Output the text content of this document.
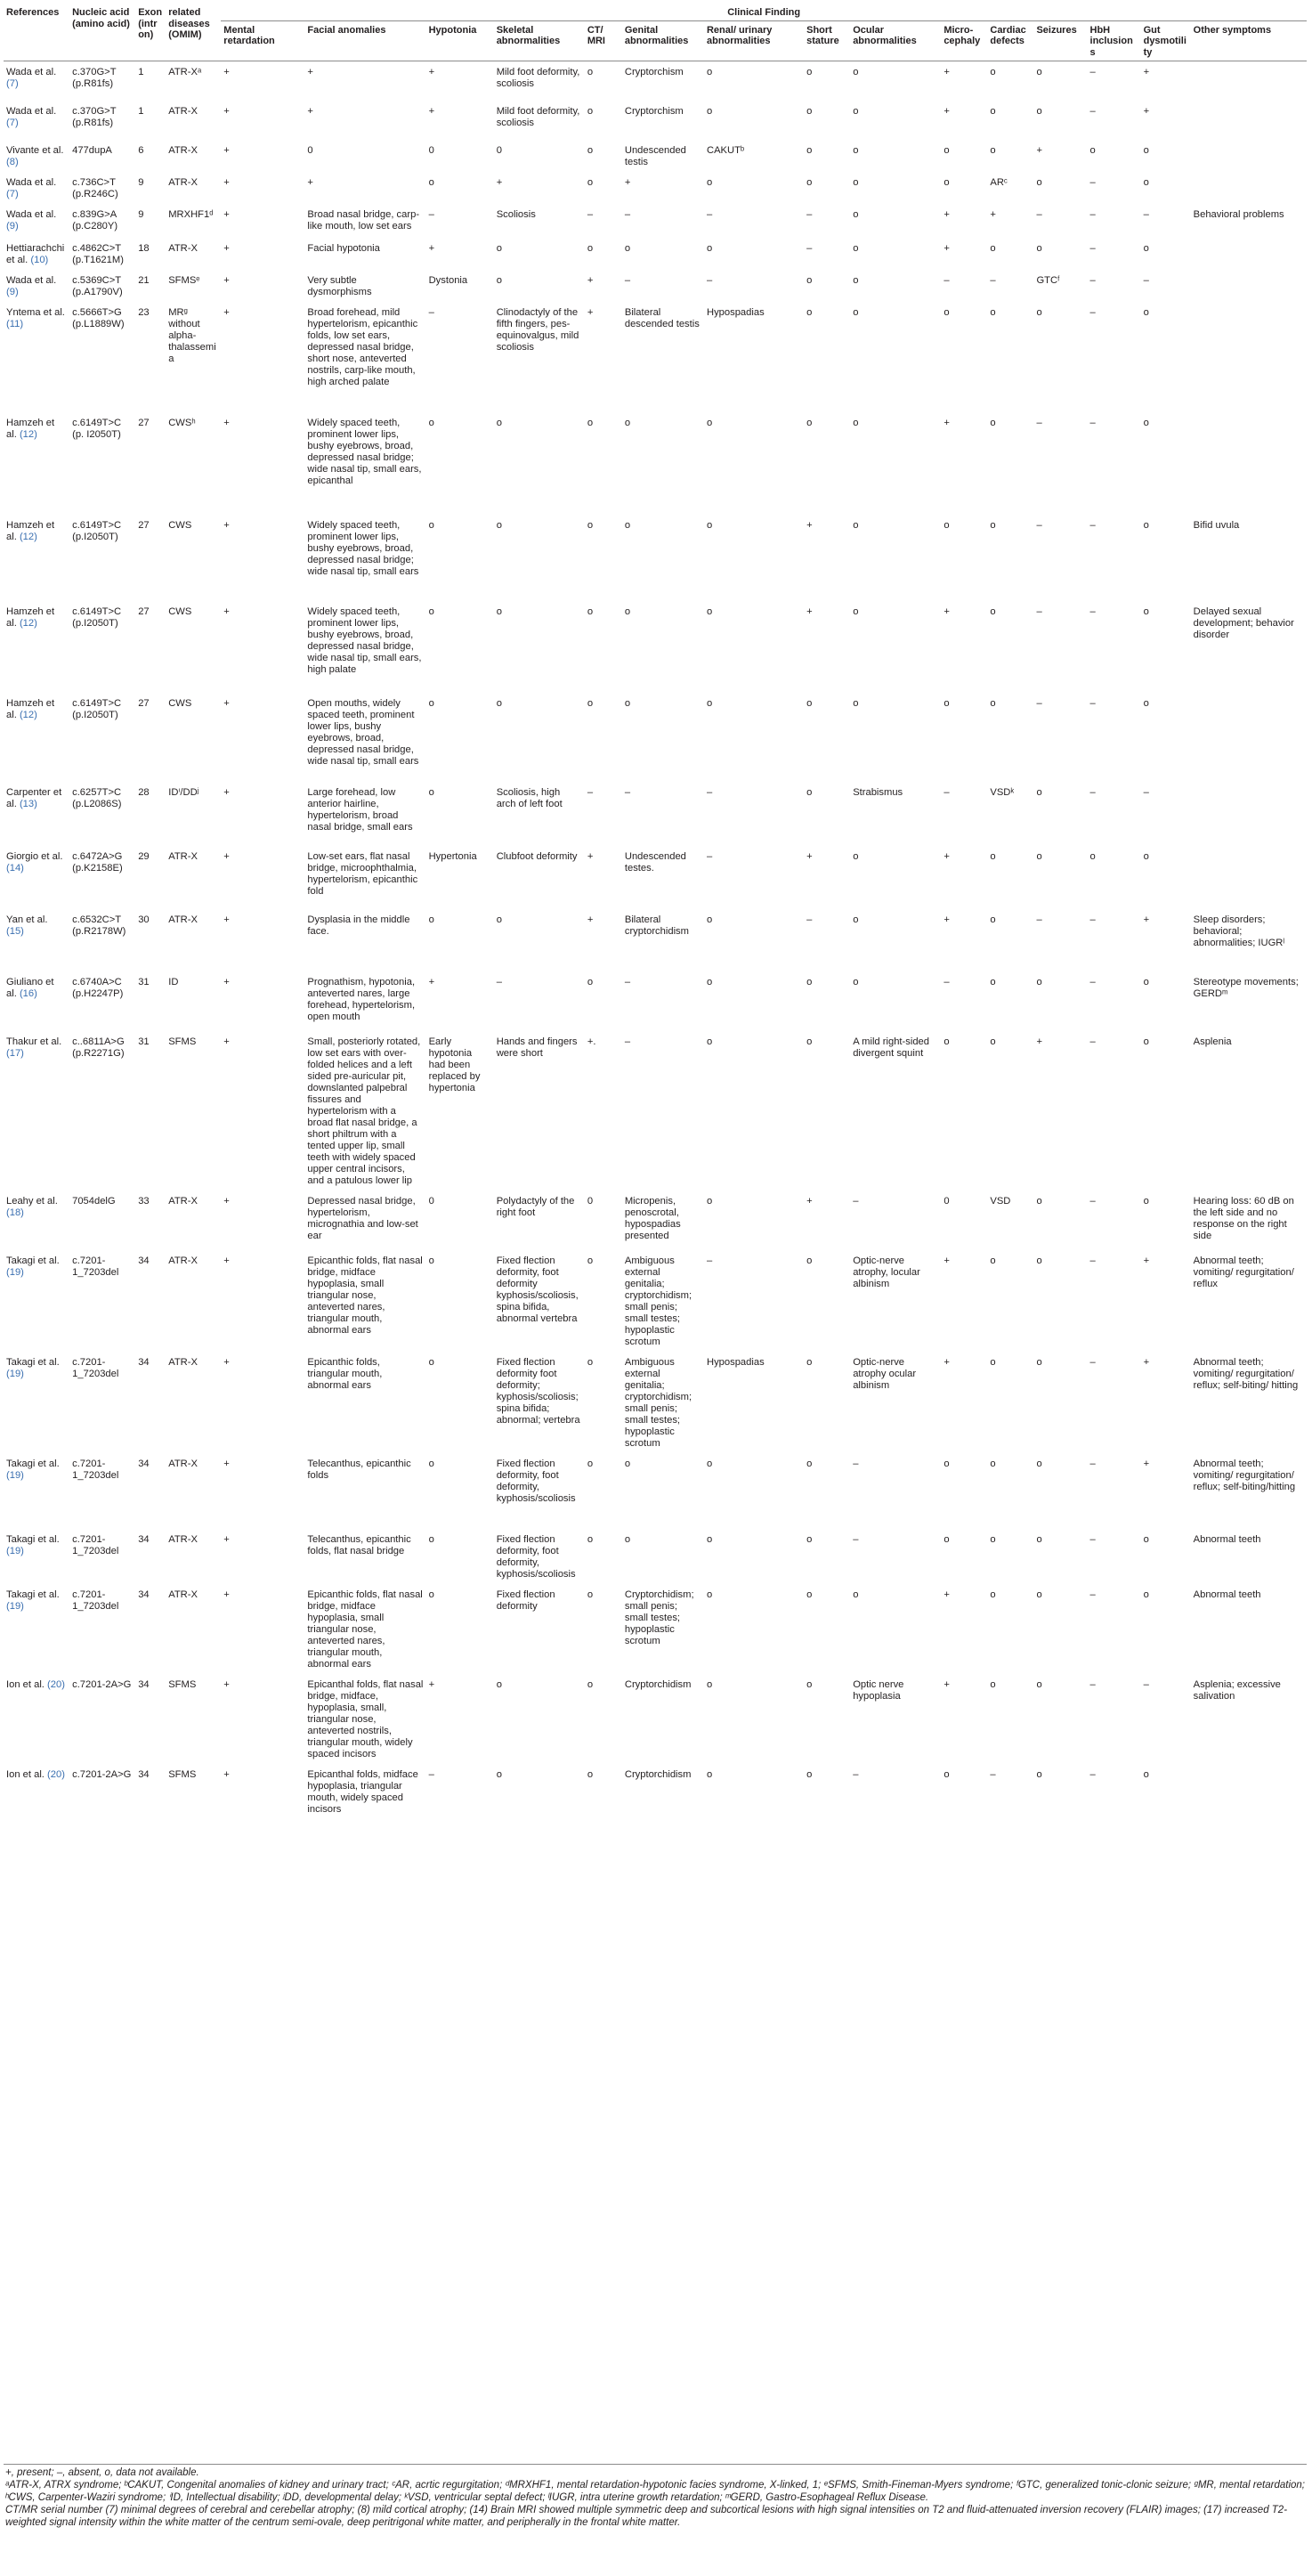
References	Nucleic acid (amino acid)	Exon (intron)	related diseases (OMIM)	Clinical Finding														
				Mental retardation	Facial anomalies	Hypotonia	Skeletal abnormalities	CT/ MRI	Genital abnormalities	Renal/ urinary abnormalities	Short stature	Ocular abnormalities	Micro- cephaly	Cardiac defects	Seizures	HbH inclusions	Gut dysmotility	Other symptoms
Wada et al. (7)	c.370G>T (p.R81fs)	1	ATR-Xᵃ	+	+	+	Mild foot deformity, scoliosis	o	Cryptorchism	o	o	o	+	o	o	–	+	
Wada et al. (7)	c.370G>T (p.R81fs)	1	ATR-X	+	+	+	Mild foot deformity, scoliosis	o	Cryptorchism	o	o	o	+	o	o	–	+	
Vivante et al. (8)	477dupA	6	ATR-X	+	0	0	0	o	Undescended testis	CAKUTᵇ	o	o	o	o	+	o	o	
Wada et al. (7)	c.736C>T (p.R246C)	9	ATR-X	+	+	o	+	o	+	o	o	o	o	ARᶜ	o	–	o	
Wada et al. (9)	c.839G>A (p.C280Y)	9	MRXHF1ᵈ	+	Broad nasal bridge, carp-like mouth, low set ears	–	Scoliosis	–	–	–	–	o	+	+	–	–	–	Behavioral problems
Hettiarachchi et al. (10)	c.4862C>T (p.T1621M)	18	ATR-X	+	Facial hypotonia	+	o	o	o	o	–	o	+	o	o	–	o	
Wada et al. (9)	c.5369C>T (p.A1790V)	21	SFMSᵉ	+	Very subtle dysmorphisms	Dystonia	o	+	–	–	o	o	–	–	GTCᶠ	–	–	
Yntema et al. (11)	c.5666T>G (p.L1889W)	23	MRᵍ without alpha-thalassemia	+	Broad forehead, mild hypertelorism, epicanthic folds, low set ears, depressed nasal bridge, short nose, anteverted nostrils, carp-like mouth, high arched palate	–	Clinodactyly of the fifth fingers, pes-equinovalgus, mild scoliosis	+	Bilateral descended testis	Hypospadias	o	o	o	o	o	–	o	
Hamzeh et al. (12)	c.6149T>C (p. I2050T)	27	CWSʰ	+	Widely spaced teeth, prominent lower lips, bushy eyebrows, broad, depressed nasal bridge; wide nasal tip, small ears, epicanthal	o	o	o	o	o	o	o	+	o	–	–	o	
Hamzeh et al. (12)	c.6149T>C (p.I2050T)	27	CWS	+	Widely spaced teeth, prominent lower lips, bushy eyebrows, broad, depressed nasal bridge; wide nasal tip, small ears	o	o	o	o	o	+	o	o	o	–	–	o	Bifid uvula
Hamzeh et al. (12)	c.6149T>C (p.I2050T)	27	CWS	+	Widely spaced teeth, prominent lower lips, bushy eyebrows, broad, depressed nasal bridge, wide nasal tip, small ears, high palate	o	o	o	o	o	+	o	+	o	–	–	o	Delayed sexual development; behavior disorder
Hamzeh et al. (12)	c.6149T>C (p.I2050T)	27	CWS	+	Open mouths, widely spaced teeth, prominent lower lips, bushy eyebrows, broad, depressed nasal bridge, wide nasal tip, small ears	o	o	o	o	o	o	o	o	o	–	–	o	
Carpenter et al. (13)	c.6257T>C (p.L2086S)	28	IDⁱ/DDʲ	+	Large forehead, low anterior hairline, hypertelorism, broad nasal bridge, small ears	o	Scoliosis, high arch of left foot	–	–	–	o	Strabismus	–	VSDᵏ	o	–	–	
Giorgio et al. (14)	c.6472A>G (p.K2158E)	29	ATR-X	+	Low-set ears, flat nasal bridge, microophthalmia, hypertelorism, epicanthic fold	Hypertonia	Clubfoot deformity	+	Undescended testes.	–	+	o	+	o	o	o	o	
Yan et al. (15)	c.6532C>T (p.R2178W)	30	ATR-X	+	Dysplasia in the middle face.	o	o	+	Bilateral cryptorchidism	o	–	o	+	o	–	–	+	Sleep disorders; behavioral; abnormalities; IUGRˡ
Giuliano et al. (16)	c.6740A>C (p.H2247P)	31	ID	+	Prognathism, hypotonia, anteverted nares, large forehead, hypertelorism, open mouth	+	–	o	–	o	o	o	–	o	o	–	o	Stereotype movements; GERDᵐ
Thakur et al. (17)	c..6811A>G (p.R2271G)	31	SFMS	+	Small, posteriorly rotated, low set ears with over-folded helices and a left sided pre-auricular pit, downslanted palpebral fissures and hypertelorism with a broad flat nasal bridge, a short philtrum with a tented upper lip, small teeth with widely spaced upper central incisors, and a patulous lower lip	Early hypotonia had been replaced by hypertonia	Hands and fingers were short	+.	–	o	o	A mild right-sided divergent squint	o	o	+	–	o	Asplenia
Leahy et al. (18)	7054delG	33	ATR-X	+	Depressed nasal bridge, hypertelorism, micrognathia and low-set ear	0	Polydactyly of the right foot	0	Micropenis, penoscrotal, hypospadias presented	o	+	–	0	VSD	o	–	o	Hearing loss: 60 dB on the left side and no response on the right side
Takagi et al. (19)	c.7201-1_7203del	34	ATR-X	+	Epicanthic folds, flat nasal bridge, midface hypoplasia, small triangular nose, anteverted nares, triangular mouth, abnormal ears	o	Fixed flection deformity, foot deformity kyphosis/scoliosis, spina bifida, abnormal vertebra	o	Ambiguous external genitalia; cryptorchidism; small penis; small testes; hypoplastic scrotum	–	o	Optic-nerve atrophy, locular albinism	+	o	o	–	+	Abnormal teeth; vomiting/ regurgitation/ reflux
Takagi et al. (19)	c.7201-1_7203del	34	ATR-X	+	Epicanthic folds, triangular mouth, abnormal ears	o	Fixed flection deformity foot deformity; kyphosis/scoliosis; spina bifida; abnormal; vertebra	o	Ambiguous external genitalia; cryptorchidism; small penis; small testes; hypoplastic scrotum	Hypospadias	o	Optic-nerve atrophy ocular albinism	+	o	o	–	+	Abnormal teeth; vomiting/ regurgitation/ reflux; self-biting/ hitting
Takagi et al. (19)	c.7201-1_7203del	34	ATR-X	+	Telecanthus, epicanthic folds	o	Fixed flection deformity, foot deformity, kyphosis/scoliosis	o	o	o	o	–	o	o	o	–	+	Abnormal teeth; vomiting/ regurgitation/ reflux; self-biting/hitting
Takagi et al. (19)	c.7201-1_7203del	34	ATR-X	+	Telecanthus, epicanthic folds, flat nasal bridge	o	Fixed flection deformity, foot deformity, kyphosis/scoliosis	o	o	o	o	–	o	o	o	–	o	Abnormal teeth
Takagi et al. (19)	c.7201-1_7203del	34	ATR-X	+	Epicanthic folds, flat nasal bridge, midface hypoplasia, small triangular nose, anteverted nares, triangular mouth, abnormal ears	o	Fixed flection deformity	o	Cryptorchidism; small penis; small testes; hypoplastic scrotum	o	o	o	+	o	o	–	o	Abnormal teeth
Ion et al. (20)	c.7201-2A>G	34	SFMS	+	Epicanthal folds, flat nasal bridge, midface, hypoplasia, small, triangular nose, anteverted nostrils, triangular mouth, widely spaced incisors	+	o	o	Cryptorchidism	o	o	Optic nerve hypoplasia	+	o	o	–	–	Asplenia; excessive salivation
Ion et al. (20)	c.7201-2A>G	34	SFMS	+	Epicanthal folds, midface hypoplasia, triangular mouth, widely spaced incisors	–	o	o	Cryptorchidism	o	o	–	o	–	o	–	o	

+, present; –, absent, o, data not available.

ᵃATR-X, ATRX syndrome; ᵇCAKUT, Congenital anomalies of kidney and urinary tract; ᶜAR, acrtic regurgitation; ᵈMRXHF1, mental retardation-hypotonic facies syndrome, X-linked, 1; ᵉSFMS, Smith-Fineman-Myers syndrome; ᶠGTC, generalized tonic-clonic seizure; ᵍMR, mental retardation; ʰCWS, Carpenter-Waziri syndrome; ⁱID, Intellectual disability; ʲDD, developmental delay; ᵏVSD, ventricular septal defect; ˡIUGR, intra uterine growth retardation; ᵐGERD, Gastro-Esophageal Reflux Disease.

CT/MR serial number (7) minimal degrees of cerebral and cerebellar atrophy; (8) mild cortical atrophy; (14) Brain MRI showed multiple symmetric deep and subcortical lesions with high signal intensities on T2 and fluid-attenuated inversion recovery (FLAIR) images; (17) increased T2-weighted signal intensity within the white matter of the centrum semi-ovale, deep peritrigonal white matter, and peripherally in the frontal white matter.
